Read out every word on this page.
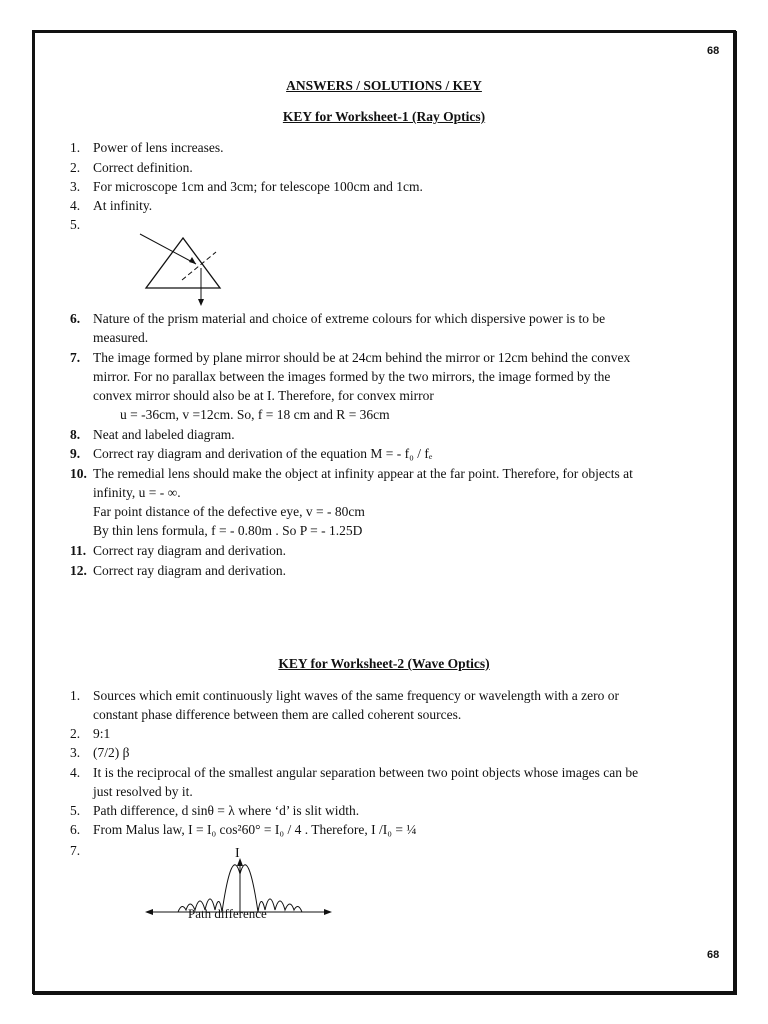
68
ANSWERS / SOLUTIONS / KEY
KEY for Worksheet-1 (Ray Optics)
1. Power of lens increases.
2. Correct definition.
3. For microscope 1cm and 3cm; for telescope 100cm and 1cm.
4. At infinity.
5.
6. Nature of the prism material and choice of extreme colours for which dispersive power is to be
measured.
7. The image formed by plane mirror should be at 24cm behind the mirror or 12cm behind the convex
mirror. For no parallax between the images formed by the two mirrors, the image formed by the
convex mirror should also be at I. Therefore, for convex mirror
u = -36cm, v =12cm. So, f = 18 cm and R = 36cm
8. Neat and labeled diagram.
9. Correct ray diagram and derivation of the equation M = - f₀ / fₑ
10. The remedial lens should make the object at infinity appear at the far point. Therefore, for objects at
infinity, u = - ∞.
Far point distance of the defective eye, v = - 80cm
By thin lens formula, f = - 0.80m . So P = - 1.25D
11. Correct ray diagram and derivation.
12. Correct ray diagram and derivation.
KEY for Worksheet-2 (Wave Optics)
1. Sources which emit continuously light waves of the same frequency or wavelength with a zero or
constant phase difference between them are called coherent sources.
2. 9:1
3. (7/2) β
4. It is the reciprocal of the smallest angular separation between two point objects whose images can be
just resolved by it.
5. Path difference, d sinθ = λ where ‘d’ is slit width.
6. From Malus law, I = I₀ cos²60° = I₀ / 4 . Therefore, I /I₀ = ¼
7.	I
Path difference
68
